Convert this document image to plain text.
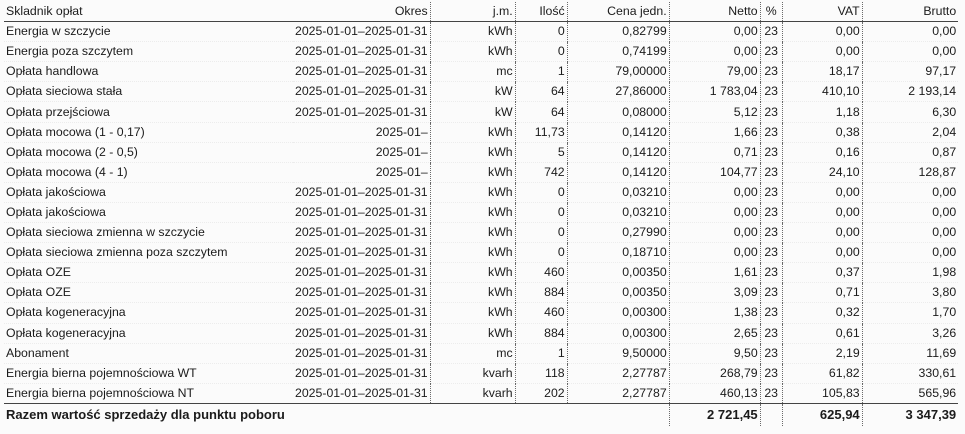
Skladnik opłat	Okres	j.m.	Ilość	Cena jedn.	Netto	%	VAT	Brutto
Energia w szczycie	2025-01-01–2025-01-31	kWh	0	0,82799	0,00	23	0,00	0,00
Energia poza szczytem	2025-01-01–2025-01-31	kWh	0	0,74199	0,00	23	0,00	0,00
Opłata handlowa	2025-01-01–2025-01-31	mc	1	79,00000	79,00	23	18,17	97,17
Opłata sieciowa stała	2025-01-01–2025-01-31	kW	64	27,86000	1 783,04	23	410,10	2 193,14
Opłata przejściowa	2025-01-01–2025-01-31	kW	64	0,08000	5,12	23	1,18	6,30
Opłata mocowa (1 - 0,17)	2025-01–	kWh	11,73	0,14120	1,66	23	0,38	2,04
Opłata mocowa (2 - 0,5)	2025-01–	kWh	5	0,14120	0,71	23	0,16	0,87
Opłata mocowa (4 - 1)	2025-01–	kWh	742	0,14120	104,77	23	24,10	128,87
Opłata jakościowa	2025-01-01–2025-01-31	kWh	0	0,03210	0,00	23	0,00	0,00
Opłata jakościowa	2025-01-01–2025-01-31	kWh	0	0,03210	0,00	23	0,00	0,00
Opłata sieciowa zmienna w szczycie	2025-01-01–2025-01-31	kWh	0	0,27990	0,00	23	0,00	0,00
Opłata sieciowa zmienna poza szczytem	2025-01-01–2025-01-31	kWh	0	0,18710	0,00	23	0,00	0,00
Opłata OZE	2025-01-01–2025-01-31	kWh	460	0,00350	1,61	23	0,37	1,98
Opłata OZE	2025-01-01–2025-01-31	kWh	884	0,00350	3,09	23	0,71	3,80
Opłata kogeneracyjna	2025-01-01–2025-01-31	kWh	460	0,00300	1,38	23	0,32	1,70
Opłata kogeneracyjna	2025-01-01–2025-01-31	kWh	884	0,00300	2,65	23	0,61	3,26
Abonament	2025-01-01–2025-01-31	mc	1	9,50000	9,50	23	2,19	11,69
Energia bierna pojemnościowa WT	2025-01-01–2025-01-31	kvarh	118	2,27787	268,79	23	61,82	330,61
Energia bierna pojemnościowa NT	2025-01-01–2025-01-31	kvarh	202	2,27787	460,13	23	105,83	565,96
Razem wartość sprzedaży dla punktu poboru					2 721,45		625,94	3 347,39
